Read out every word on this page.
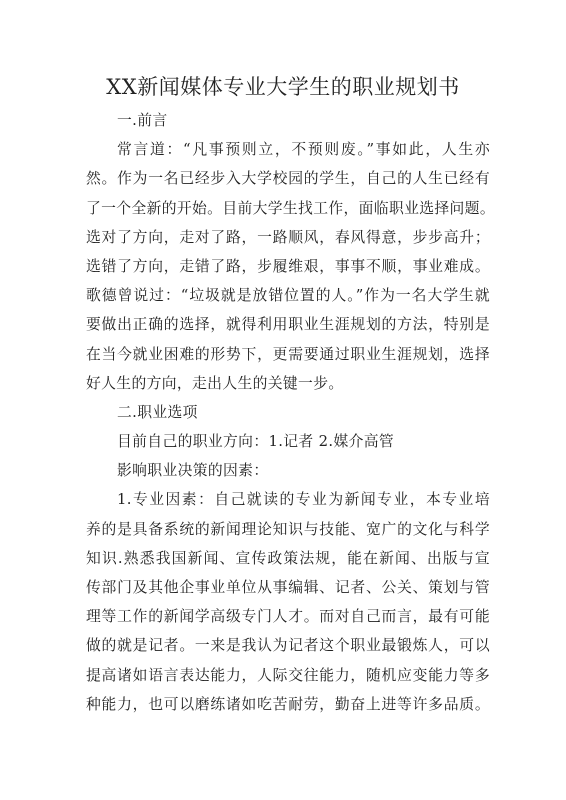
XX新闻媒体专业大学生的职业规划书
一.前言
常言道：“凡事预则立，不预则废。”事如此，人生亦
然。作为一名已经步入大学校园的学生，自己的人生已经有
了一个全新的开始。目前大学生找工作，面临职业选择问题。
选对了方向，走对了路，一路顺风，春风得意，步步高升；
选错了方向，走错了路，步履维艰，事事不顺，事业难成。
歌德曾说过：“垃圾就是放错位置的人。”作为一名大学生就
要做出正确的选择，就得利用职业生涯规划的方法，特别是
在当今就业困难的形势下，更需要通过职业生涯规划，选择
好人生的方向，走出人生的关键一步。
二.职业选项
目前自己的职业方向：1.记者 2.媒介高管
影响职业决策的因素：
1.专业因素：自己就读的专业为新闻专业，本专业培
养的是具备系统的新闻理论知识与技能、宽广的文化与科学
知识.熟悉我国新闻、宣传政策法规，能在新闻、出版与宣
传部门及其他企事业单位从事编辑、记者、公关、策划与管
理等工作的新闻学高级专门人才。而对自己而言，最有可能
做的就是记者。一来是我认为记者这个职业最锻炼人，可以
提高诸如语言表达能力，人际交往能力，随机应变能力等多
种能力，也可以磨练诸如吃苦耐劳，勤奋上进等许多品质。
